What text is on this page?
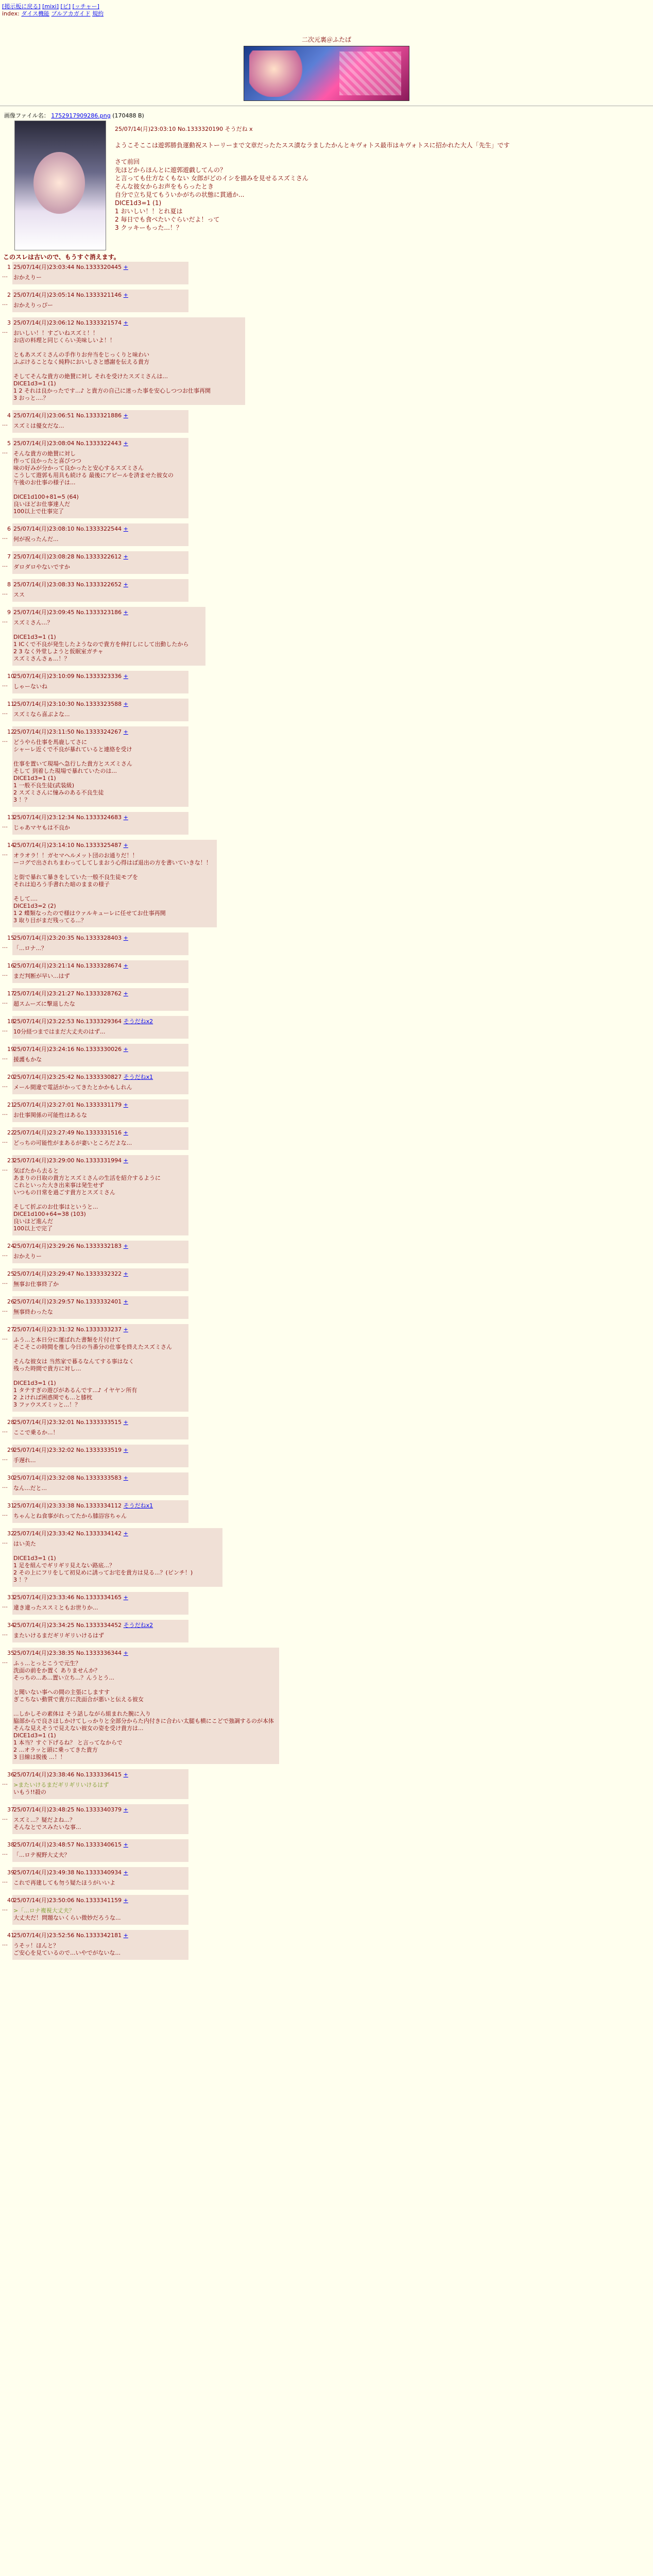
[掲示板に戻る] [mixi] [ピ] [ッチャー]
index: ダイス機能 プルアカガイド 規約
二次元裏＠ふたば
画像ファイル名： 1752917909286.png (170488 B)
25/07/14(月)23:03:10 No.1333320190 そうだね x
ようこそここは遊郭勝負運動祝ストーリーまで文章だったたスス漬なラましたかんとキヴォトス最市はキヴォトスに招かれた大人「先生」です

さて前回
先ほどからほんとに遊郭遊戯してんの？
と言っても仕方なくもない 女郎がどのイシを描みを見せるスズミさん
そんな彼女からお声をもらったとき
自分で立ち見てもういかがちの状態に貫通か...
DICE1d3=1 (1)
1 おいしい！！とれ夏は
2 毎日でも食べたいぐらいだよ！って
3 クッキーもった...！？
このスレは古いので、もうすぐ消えます。
25/07/14(月)23:03:44 No.1333320445 +
おかえりー
1
…
25/07/14(月)23:05:14 No.1333321146 +
おかえりっぴー
2
…
25/07/14(月)23:06:12 No.1333321574 +
おいしい！！すごいねスズミ！！
お店の料理と同じくらい美味しいよ！！

ともあスズミさんの手作りお弁当をじっくりと味わい
ふぶけることなく純粋においしさと感謝を伝える貴方

そしてそんな貴方の絶賛に対し それを受けたスズミさんは...
DICE1d3=1 (1)
1 2 それは良かったです...♪ と貴方の自己に迷った事を安心しつつお仕事再開
3 おっと....？
3
…
25/07/14(月)23:06:51 No.1333321886 +
スズミは優女だな...
4
…
25/07/14(月)23:08:04 No.1333322443 +
そんな貴方の絶賛に対し
作って良かったと喜びつつ
味の好みが分かって良かったと安心するスズミさん
こうして遊郭も用具も続ける 最後にアピールを済ませた彼女の
午後のお仕事の様子は...

DICE1d100+81=5 (64)
良いほどお仕事達人だ
100以上で仕事完了
5
…
25/07/14(月)23:08:10 No.1333322544 +
何が祝ったんだ...
6
…
25/07/14(月)23:08:28 No.1333322612 +
ダロダロやないですか
7
…
25/07/14(月)23:08:33 No.1333322652 +
スス
8
…
25/07/14(月)23:09:45 No.1333323186 +
スズミさん...？

DICE1d3=1 (1)
1 ICくで不良が発生したようなので貴方を伸打しにして出動したから
2 3 なく外堂しようと仮眠室ガチャ
スズミさんさぁ...！？
9
…
25/07/14(月)23:10:09 No.1333323336 +
しゃーないね
10
…
25/07/14(月)23:10:30 No.1333323588 +
スズミなら喜ぶよな...
11
…
25/07/14(月)23:11:50 No.1333324267 +
どうやら仕事を馬鹿してさに
シャーレ近くで不良が暴れていると連絡を受け

仕事を置いて現場へ急行した貴方とスズミさん
そして 到着した現場で暴れていたのは...
DICE1d3=1 (1)
1 一般不良生徒(武装級)
2 スズミさんに憧みのある不良生徒
3 ！？
12
…
25/07/14(月)23:12:34 No.1333324683 +
じゃあマヤもは不良か
13
…
25/07/14(月)23:14:10 No.1333325487 +
オラオラ！！ガセマヘルメット団のお通りだ！！
ーコグで出されちまわってしてしまおう心得はば退出の方を書いていきな！！

と街で暴れて暴きをしていた一般不良生徒モブを
それは迫ろう手書れた暗のままの様子

そして....
DICE1d3=2 (2)
1 2 蝶類なったので様はウァルキューレに任せてお仕事再開
3 取り目がまだ残ってる...？
14
…
25/07/14(月)23:20:35 No.1333328403 +
「...ロナ...？
15
…
25/07/14(月)23:21:14 No.1333328674 +
まだ判断が早い...はず
16
…
25/07/14(月)23:21:27 No.1333328762 +
超スムーズに撃退したな
17
…
25/07/14(月)23:22:53 No.1333329364 そうだねx2
10分経つまではまだ大丈夫のはず...
18
…
25/07/14(月)23:24:16 No.1333330026 +
援護もかな
19
…
25/07/14(月)23:25:42 No.1333330827 そうだねx1
メール間違で電話がかってきたとかかもしれん
20
…
25/07/14(月)23:27:01 No.1333331179 +
お仕事関係の可能性はあるな
21
…
25/07/14(月)23:27:49 No.1333331516 +
どっちの可能性がまあるが妻いところだよな...
22
…
25/07/14(月)23:29:00 No.1333331994 +
気ばたから去ると
あまりの日取の貴方とスズミさんの生活を紹介するように
これといった大き出来事は発生せず
いつもの日常を過ごす貴方とスズミさん

そして折ぶのお仕事はというと...
DICE1d100+64=38 (103)
良いほど進んだ
100以上で完了
23
…
25/07/14(月)23:29:26 No.1333332183 +
おかえりー
24
…
25/07/14(月)23:29:47 No.1333332322 +
無事お仕事終了か
25
…
25/07/14(月)23:29:57 No.1333332401 +
無事終わったな
26
…
25/07/14(月)23:31:32 No.1333333237 +
ふう...と本日分に運ばれた書類を片付けて
そこそこの時間を推し今日の当番分の仕事を終えたスズミさん

そんな彼女は 当然家で暮るなんてする事はなく
残った時間で貴方に対し...

DICE1d3=1 (1)
1 タテすぎの遊びがあるんです...♪ イヤヤン所有
2 よければ困惑関でも...と膝枕
3 ファウスズミッと...！？
27
…
25/07/14(月)23:32:01 No.1333333515 +
ここで乗るか...！
28
…
25/07/14(月)23:32:02 No.1333333519 +
手遅れ...
29
…
25/07/14(月)23:32:08 No.1333333583 +
なん...だと...
30
…
25/07/14(月)23:33:38 No.1333334112 そうだねx1
ちゃんとね食事がれってたから膝浴容ちゃん
31
…
25/07/14(月)23:33:42 No.1333334142 +
はい美た

DICE1d3=1 (1)
1 足を組んでギリギリ見えない路底...？
2 その上にフリをして初見めに誘ってお宅を貴方は見る...？(ピンチ！)
3 ！？
32
…
25/07/14(月)23:33:46 No.1333334165 +
違き違ったススミともお世りか...
33
…
25/07/14(月)23:34:25 No.1333334452 そうだねx2
またいけるまだギリギリいけるはず
34
…
25/07/14(月)23:38:35 No.1333336344 +
ふぅ...とっとこうで元生？
洗面の前をか置く ありませんか？
そっちの...あ...置い立ち...？んうとう...

と聞いない事への間の主張にしますす
ぎこちない動質で貴方に洗面合が悪いと伝える彼女

...しかしその素体は そう話しながら組まれた腕に入り
脇部からで良さほしかけてしっかりと全部分からた内付きに合わい太腿も横にこどで強調するのが本体
そんな見えそうで見えない彼女の姿を受け貴方は...
DICE1d3=1 (1)
1 本当？すぐ下げるね？ と言ってなからで
2 ...オラッと頭に乗ってきた貴方
3 目線は脱後 ...！！
35
…
25/07/14(月)23:38:46 No.1333336415 +
>またいけるまだギリギリいけるはず
いもう!!殺の
36
…
25/07/14(月)23:48:25 No.1333340379 +
スズミ...？疑だよね...？
そんなとでスみたいな事...
37
…
25/07/14(月)23:48:57 No.1333340615 +
「...ロテ視野大丈夫？
38
…
25/07/14(月)23:49:38 No.1333340934 +
これで再建しても勿う疑たほうがいいよ
39
…
25/07/14(月)23:50:06 No.1333341159 +
>「...ロナ複視大丈夫？
大丈夫だ！問題ないくらい微妙だろうな...
40
…
25/07/14(月)23:52:56 No.1333342181 +
うそッ！ほんと？
ご安心を見ているので...いやでがないな...
41
…
